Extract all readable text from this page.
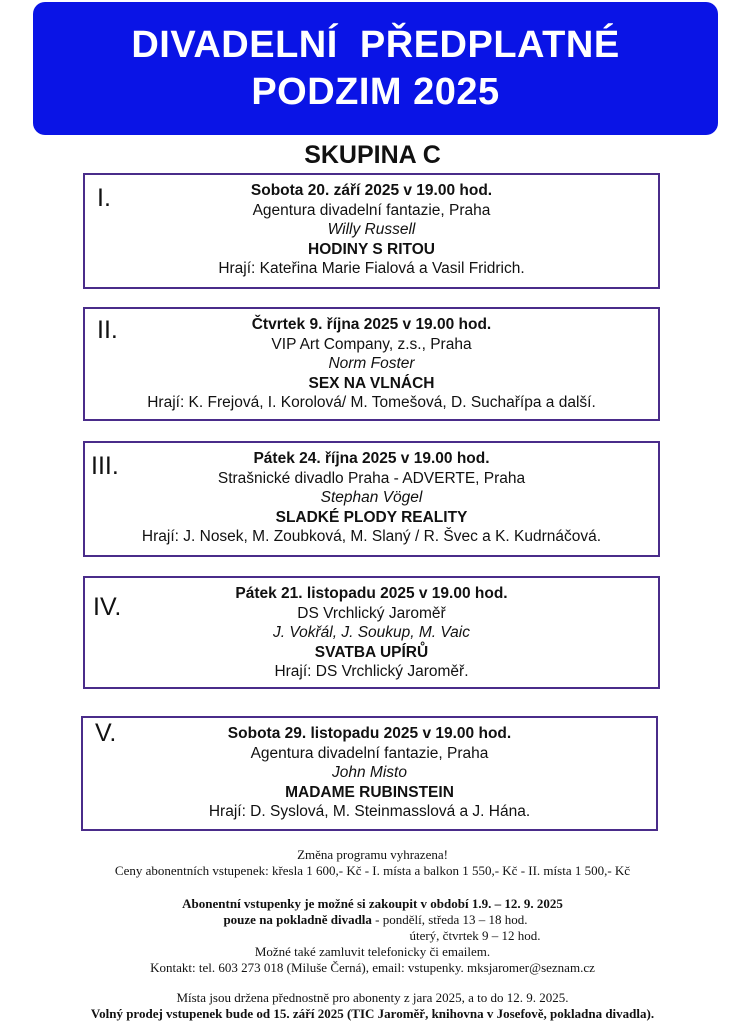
DIVADELNÍ  PŘEDPLATNÉ
PODZIM 2025
SKUPINA C
I.	Sobota 20. září 2025 v 19.00 hod.
Agentura divadelní fantazie, Praha
Willy Russell
HODINY S RITOU
Hrají: Kateřina Marie Fialová a Vasil Fridrich.
II.	Čtvrtek 9. října 2025 v 19.00 hod.
VIP Art Company, z.s., Praha
Norm Foster
SEX NA VLNÁCH
Hrají: K. Frejová, I. Korolová/ M. Tomešová, D. Suchařípa a další.
III.	Pátek 24. října 2025 v 19.00 hod.
Strašnické divadlo Praha - ADVERTE, Praha
Stephan Vögel
SLADKÉ PLODY REALITY
Hrají: J. Nosek, M. Zoubková, M. Slaný / R. Švec a K. Kudrnáčová.
IV.	Pátek 21. listopadu 2025 v 19.00 hod.
DS Vrchlický Jaroměř
J. Vokřál, J. Soukup, M. Vaic
SVATBA UPÍRŮ
Hrají: DS Vrchlický Jaroměř.
V.	Sobota 29. listopadu 2025 v 19.00 hod.
Agentura divadelní fantazie, Praha
John Misto
MADAME RUBINSTEIN
Hrají: D. Syslová, M. Steinmasslová a J. Hána.
Změna programu vyhrazena!
Ceny abonentních vstupenek: křesla 1 600,- Kč - I. místa a balkon 1 550,- Kč - II. místa 1 500,- Kč
Abonentní vstupenky je možné si zakoupit v období 1.9. – 12. 9. 2025
pouze na pokladně divadla - pondělí, středa 13 – 18 hod.
úterý, čtvrtek 9 – 12 hod.
Možné také zamluvit telefonicky či emailem.
Kontakt: tel. 603 273 018 (Miluše Černá), email: vstupenky. mksjaromer@seznam.cz
Místa jsou držena přednostně pro abonenty z jara 2025, a to do 12. 9. 2025.
Volný prodej vstupenek bude od 15. září 2025 (TIC Jaroměř, knihovna v Josefově, pokladna divadla).
